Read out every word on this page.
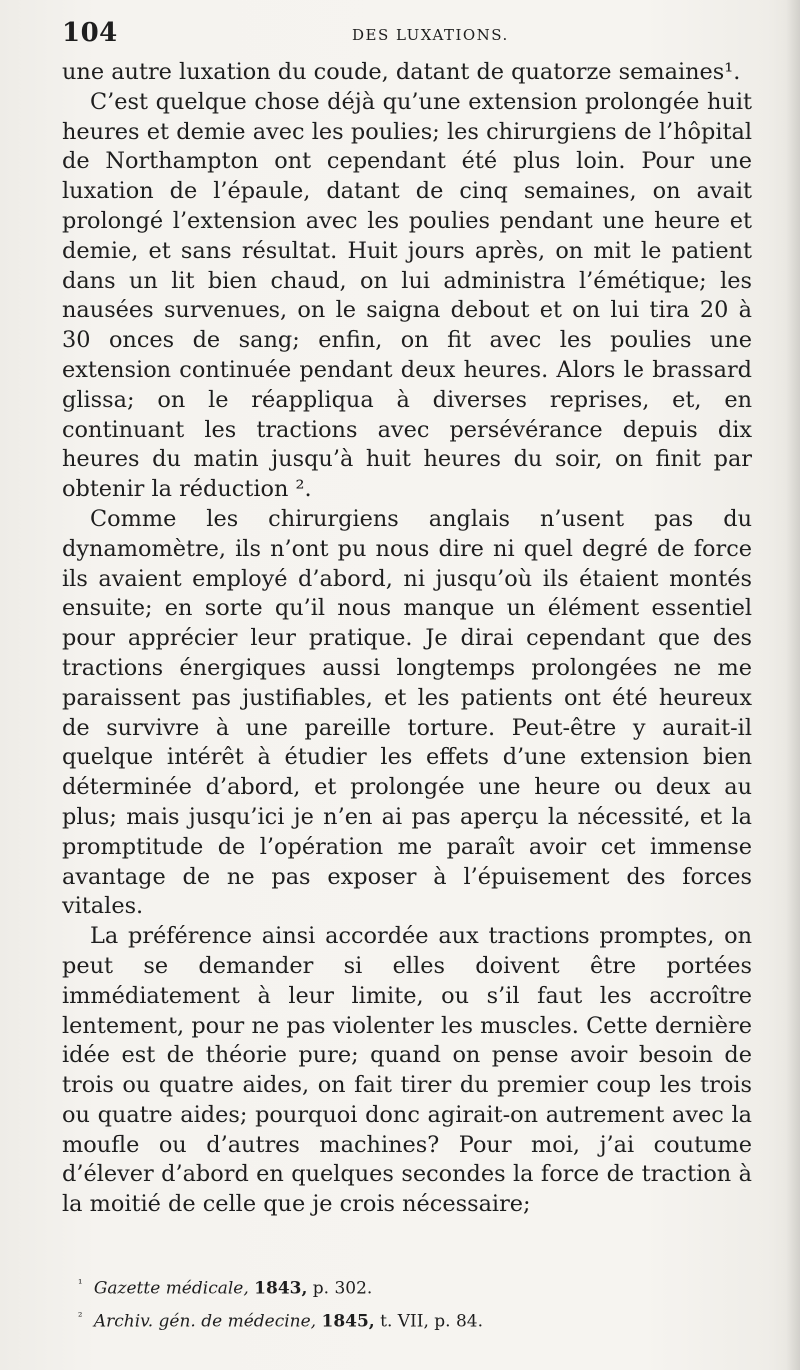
104	DES LUXATIONS.

une autre luxation du coude, datant de quatorze semaines¹.

C’est quelque chose déjà qu’une extension prolongée huit heures et demie avec les poulies; les chirurgiens de l’hôpital de Northampton ont cependant été plus loin. Pour une luxation de l’épaule, datant de cinq semaines, on avait prolongé l’extension avec les poulies pendant une heure et demie, et sans résultat. Huit jours après, on mit le patient dans un lit bien chaud, on lui administra l’émétique; les nausées survenues, on le saigna debout et on lui tira 20 à 30 onces de sang; enfin, on fit avec les poulies une extension continuée pendant deux heures. Alors le brassard glissa; on le réappliqua à diverses reprises, et, en continuant les tractions avec persévérance depuis dix heures du matin jusqu’à huit heures du soir, on finit par obtenir la réduction ².

Comme les chirurgiens anglais n’usent pas du dynamomètre, ils n’ont pu nous dire ni quel degré de force ils avaient employé d’abord, ni jusqu’où ils étaient montés ensuite; en sorte qu’il nous manque un élément essentiel pour apprécier leur pratique. Je dirai cependant que des tractions énergiques aussi longtemps prolongées ne me paraissent pas justifiables, et les patients ont été heureux de survivre à une pareille torture. Peut-être y aurait-il quelque intérêt à étudier les effets d’une extension bien déterminée d’abord, et prolongée une heure ou deux au plus; mais jusqu’ici je n’en ai pas aperçu la nécessité, et la promptitude de l’opération me paraît avoir cet immense avantage de ne pas exposer à l’épuisement des forces vitales.

La préférence ainsi accordée aux tractions promptes, on peut se demander si elles doivent être portées immédiatement à leur limite, ou s’il faut les accroître lentement, pour ne pas violenter les muscles. Cette dernière idée est de théorie pure; quand on pense avoir besoin de trois ou quatre aides, on fait tirer du premier coup les trois ou quatre aides; pourquoi donc agirait-on autrement avec la moufle ou d’autres machines? Pour moi, j’ai coutume d’élever d’abord en quelques secondes la force de traction à la moitié de celle que je crois nécessaire;

$^{^1}$ Gazette médicale, 1843, p. 302.
$^{^2}$ Archiv. gén. de médecine, 1845, t. VII, p. 84.
